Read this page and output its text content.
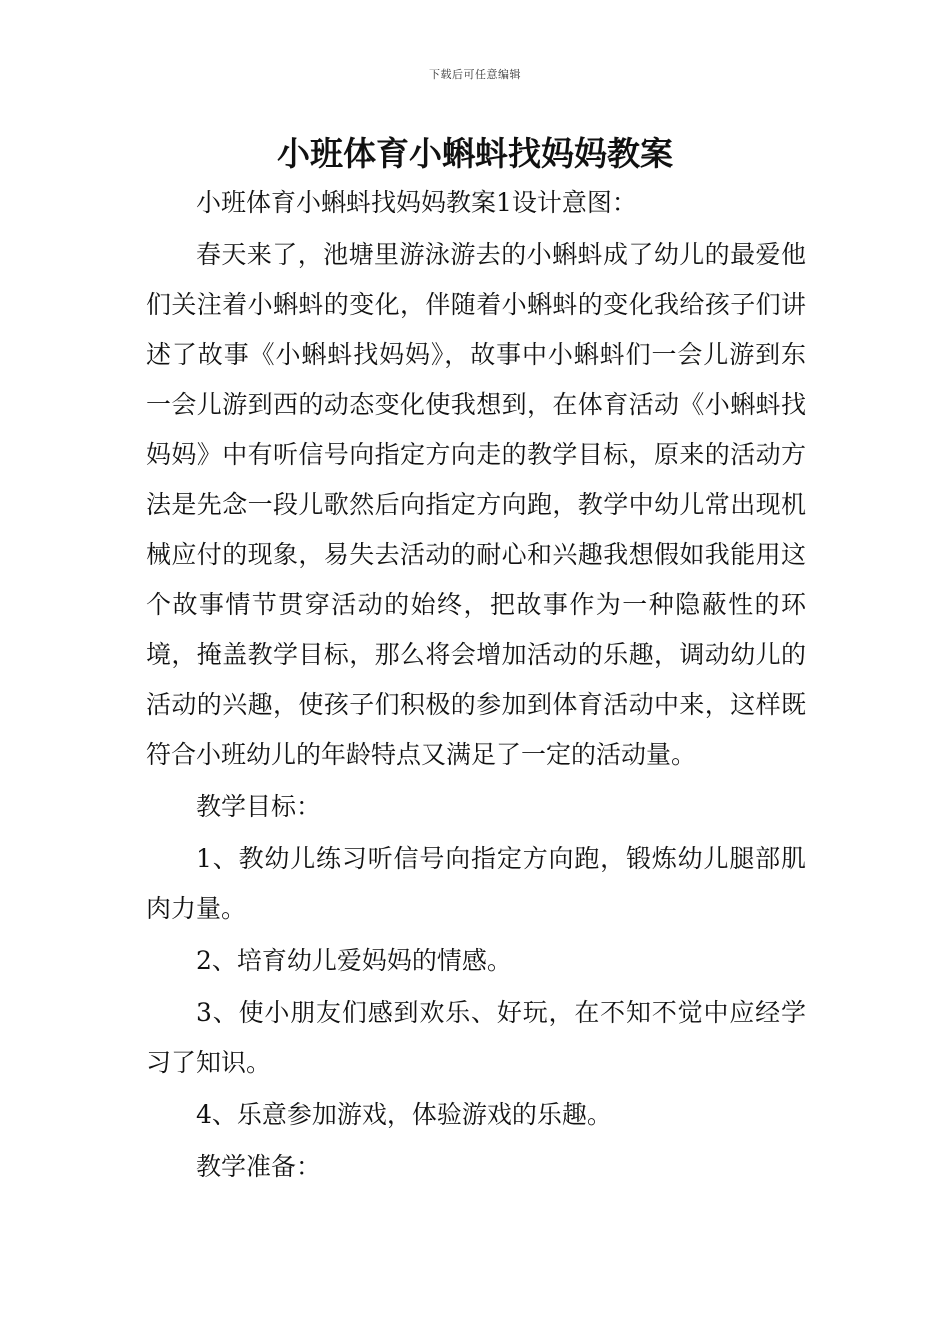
下载后可任意编辑
小班体育小蝌蚪找妈妈教案

小班体育小蝌蚪找妈妈教案1设计意图：

春天来了，池塘里游泳游去的小蝌蚪成了幼儿的最爱他们关注着小蝌蚪的变化，伴随着小蝌蚪的变化我给孩子们讲述了故事《小蝌蚪找妈妈》，故事中小蝌蚪们一会儿游到东一会儿游到西的动态变化使我想到，在体育活动《小蝌蚪找妈妈》中有听信号向指定方向走的教学目标，原来的活动方法是先念一段儿歌然后向指定方向跑，教学中幼儿常出现机械应付的现象，易失去活动的耐心和兴趣我想假如我能用这个故事情节贯穿活动的始终，把故事作为一种隐蔽性的环境，掩盖教学目标，那么将会增加活动的乐趣，调动幼儿的活动的兴趣，使孩子们积极的参加到体育活动中来，这样既符合小班幼儿的年龄特点又满足了一定的活动量。

教学目标：

1、教幼儿练习听信号向指定方向跑，锻炼幼儿腿部肌肉力量。

2、培育幼儿爱妈妈的情感。

3、使小朋友们感到欢乐、好玩，在不知不觉中应经学习了知识。

4、乐意参加游戏，体验游戏的乐趣。

教学准备：
